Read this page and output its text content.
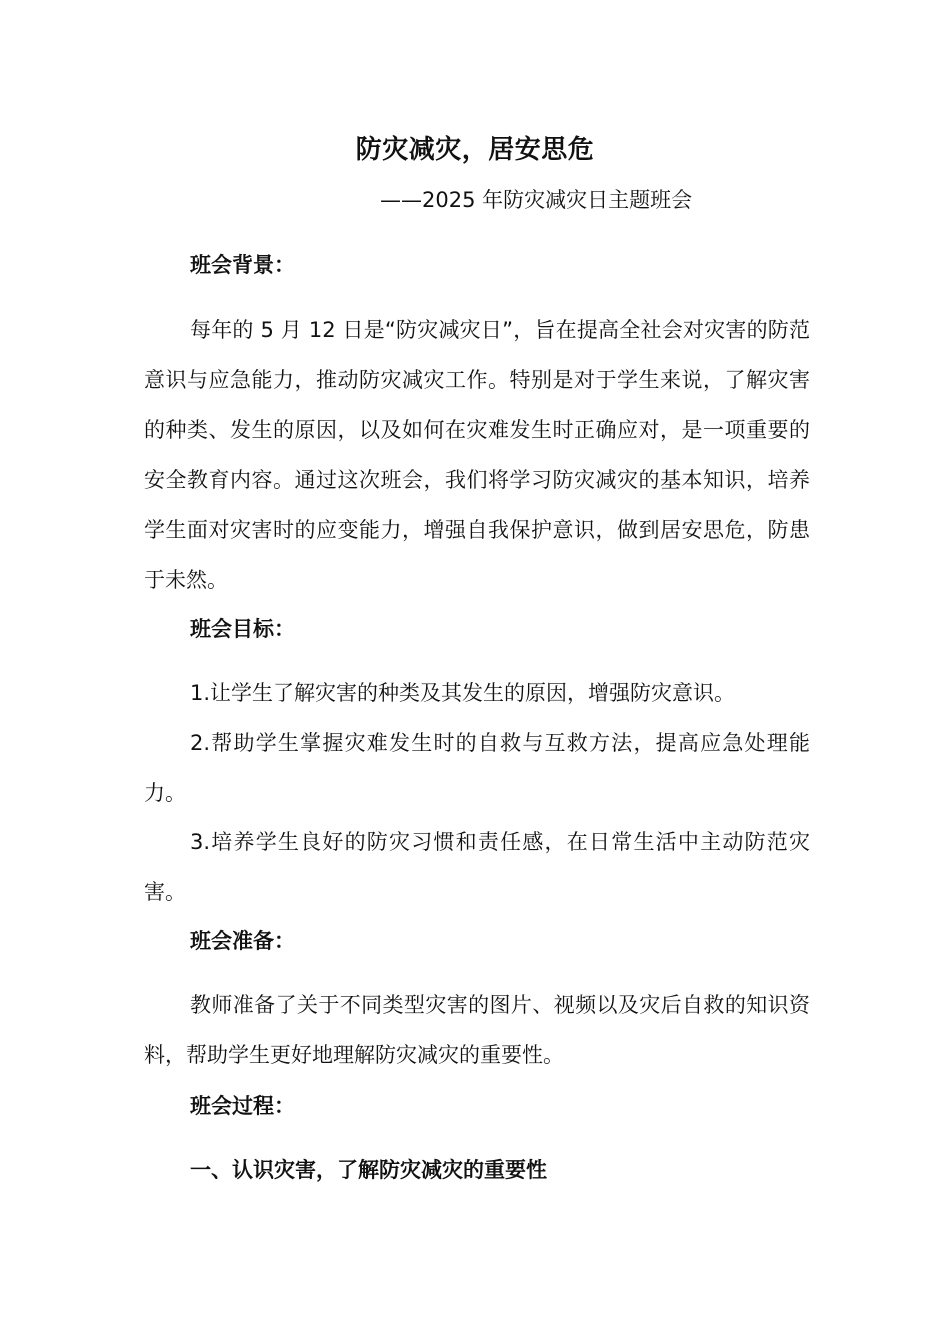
防灾减灾，居安思危
——2025 年防灾减灾日主题班会

班会背景：

每年的 5 月 12 日是“防灾减灾日”，旨在提高全社会对灾害的防范意识与应急能力，推动防灾减灾工作。特别是对于学生来说，了解灾害的种类、发生的原因，以及如何在灾难发生时正确应对，是一项重要的安全教育内容。通过这次班会，我们将学习防灾减灾的基本知识，培养学生面对灾害时的应变能力，增强自我保护意识，做到居安思危，防患于未然。

班会目标：

1.让学生了解灾害的种类及其发生的原因，增强防灾意识。

2.帮助学生掌握灾难发生时的自救与互救方法，提高应急处理能力。

3.培养学生良好的防灾习惯和责任感，在日常生活中主动防范灾害。

班会准备：

教师准备了关于不同类型灾害的图片、视频以及灾后自救的知识资料，帮助学生更好地理解防灾减灾的重要性。

班会过程：

一、认识灾害，了解防灾减灾的重要性
